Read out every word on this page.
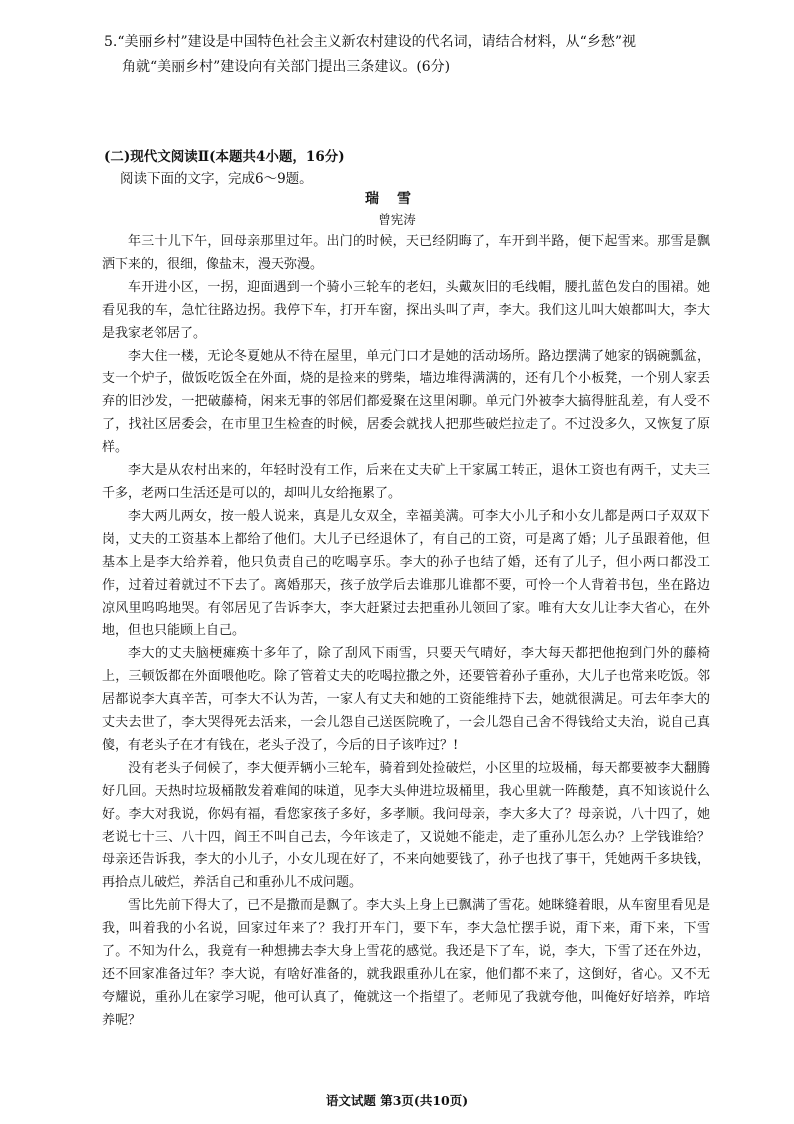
5.“美丽乡村”建设是中国特色社会主义新农村建设的代名词，请结合材料，从“乡愁”视
角就“美丽乡村”建设向有关部门提出三条建议。(6分)
(二)现代文阅读Ⅱ(本题共4小题，16分)
阅读下面的文字，完成6～9题。
瑞雪
曾宪涛

年三十儿下午，回母亲那里过年。出门的时候，天已经阴晦了，车开到半路，便下起雪来。那雪是飘洒下来的，很细，像盐末，漫天弥漫。

车开进小区，一拐，迎面遇到一个骑小三轮车的老妇，头戴灰旧的毛线帽，腰扎蓝色发白的围裙。她看见我的车，急忙往路边拐。我停下车，打开车窗，探出头叫了声，李大。我们这儿叫大娘都叫大，李大是我家老邻居了。

李大住一楼，无论冬夏她从不待在屋里，单元门口才是她的活动场所。路边摆满了她家的锅碗瓢盆，支一个炉子，做饭吃饭全在外面，烧的是捡来的劈柴，墙边堆得满满的，还有几个小板凳，一个别人家丢弃的旧沙发，一把破藤椅，闲来无事的邻居们都爱聚在这里闲聊。单元门外被李大搞得脏乱差，有人受不了，找社区居委会，在市里卫生检查的时候，居委会就找人把那些破烂拉走了。不过没多久，又恢复了原样。

李大是从农村出来的，年轻时没有工作，后来在丈夫矿上干家属工转正，退休工资也有两千，丈夫三千多，老两口生活还是可以的，却叫儿女给拖累了。

李大两儿两女，按一般人说来，真是儿女双全，幸福美满。可李大小儿子和小女儿都是两口子双双下岗，丈夫的工资基本上都给了他们。大儿子已经退休了，有自己的工资，可是离了婚；儿子虽跟着他，但基本上是李大给养着，他只负责自己的吃喝享乐。李大的孙子也结了婚，还有了儿子，但小两口都没工作，过着过着就过不下去了。离婚那天，孩子放学后去谁那儿谁都不要，可怜一个人背着书包，坐在路边凉风里呜呜地哭。有邻居见了告诉李大，李大赶紧过去把重孙儿领回了家。唯有大女儿让李大省心，在外地，但也只能顾上自己。

李大的丈夫脑梗瘫痪十多年了，除了刮风下雨雪，只要天气晴好，李大每天都把他抱到门外的藤椅上，三顿饭都在外面喂他吃。除了管着丈夫的吃喝拉撒之外，还要管着孙子重孙，大儿子也常来吃饭。邻居都说李大真辛苦，可李大不认为苦，一家人有丈夫和她的工资能维持下去，她就很满足。可去年李大的丈夫去世了，李大哭得死去活来，一会儿怨自己送医院晚了，一会儿怨自己舍不得钱给丈夫治，说自己真傻，有老头子在才有钱在，老头子没了，今后的日子该咋过？!

没有老头子伺候了，李大便弄辆小三轮车，骑着到处捡破烂，小区里的垃圾桶，每天都要被李大翻腾好几回。天热时垃圾桶散发着难闻的味道，见李大头伸进垃圾桶里，我心里就一阵酸楚，真不知该说什么好。李大对我说，你妈有福，看您家孩子多好，多孝顺。我问母亲，李大多大了？母亲说，八十四了，她老说七十三、八十四，阎王不叫自己去，今年该走了，又说她不能走，走了重孙儿怎么办？上学钱谁给？母亲还告诉我，李大的小儿子，小女儿现在好了，不来向她要钱了，孙子也找了事干，凭她两千多块钱，再拾点儿破烂，养活自己和重孙儿不成问题。

雪比先前下得大了，已不是撒而是飘了。李大头上身上已飘满了雪花。她眯缝着眼，从车窗里看见是我，叫着我的小名说，回家过年来了？我打开车门，要下车，李大急忙摆手说，甭下来，甭下来，下雪了。不知为什么，我竟有一种想拂去李大身上雪花的感觉。我还是下了车，说，李大，下雪了还在外边，还不回家准备过年？李大说，有啥好准备的，就我跟重孙儿在家，他们都不来了，这倒好，省心。又不无夸耀说，重孙儿在家学习呢，他可认真了，俺就这一个指望了。老师见了我就夸他，叫俺好好培养，咋培养呢？

语文试题 第3页(共10页)
